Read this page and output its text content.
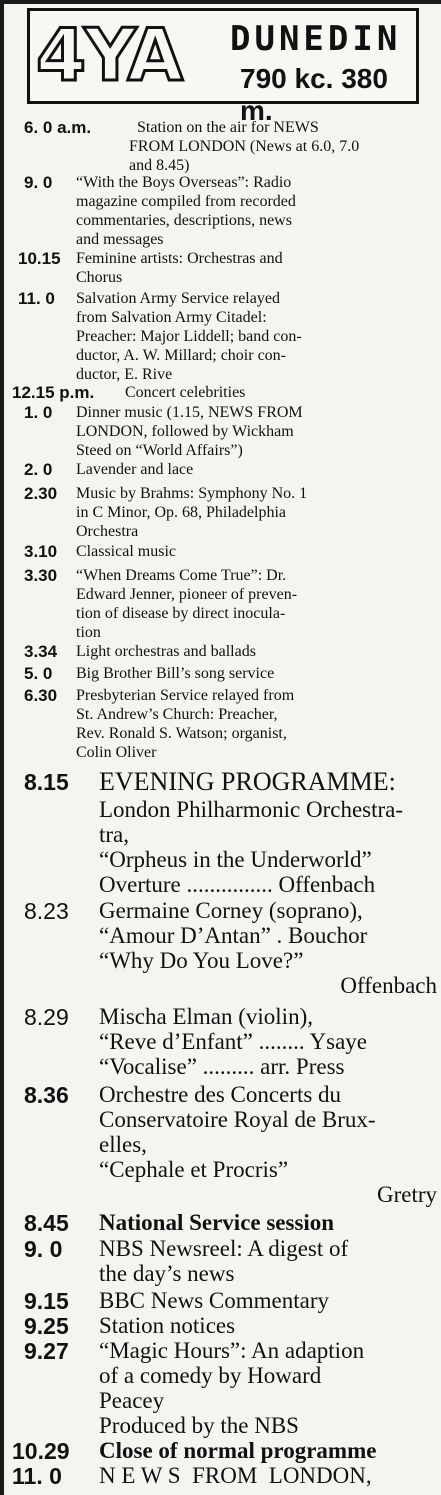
4YA DUNEDIN
790 kc. 380 m.
6. 0 a.m.	Station on the air for NEWS
FROM LONDON (News at 6.0, 7.0
and 8.45)
9. 0 “With the Boys Overseas”: Radio
magazine compiled from recorded
commentaries, descriptions, news
and messages
10.15 Feminine artists: Orchestras and
Chorus
11. 0 Salvation Army Service relayed
from Salvation Army Citadel:
Preacher: Major Liddell; band con-
ductor, A. W. Millard; choir con-
ductor, E. Rive
12.15 p.m. Concert celebrities
1. 0 Dinner music (1.15, NEWS FROM
LONDON, followed by Wickham
Steed on “World Affairs”)
2. 0 Lavender and lace
2.30 Music by Brahms: Symphony No. 1
in C Minor, Op. 68, Philadelphia
Orchestra
3.10 Classical music
3.30 “When Dreams Come True”: Dr.
Edward Jenner, pioneer of preven-
tion of disease by direct inocula-
tion
3.34 Light orchestras and ballads
5. 0 Big Brother Bill’s song service
6.30 Presbyterian Service relayed from
St. Andrew’s Church: Preacher,
Rev. Ronald S. Watson; organist,
Colin Oliver
8.15 EVENING PROGRAMME:
London Philharmonic Orchestra-
tra,
“Orpheus in the Underworld”
Overture ............... Offenbach
8.23 Germaine Corney (soprano),
“Amour D’Antan” . Bouchor
“Why Do You Love?”
Offenbach
8.29 Mischa Elman (violin),
“Reve d’Enfant” ........ Ysaye
“Vocalise” ......... arr. Press
8.36 Orchestre des Concerts du
Conservatoire Royal de Brux-
elles,
“Cephale et Procris”
Gretry
8.45 National Service session
9. 0 NBS Newsreel: A digest of
the day’s news
9.15 BBC News Commentary
9.25 Station notices
9.27 “Magic Hours”: An adaption
of a comedy by Howard
Peacey
Produced by the NBS
10.29 Close of normal programme
11. 0 N E W S  FROM  LONDON,
